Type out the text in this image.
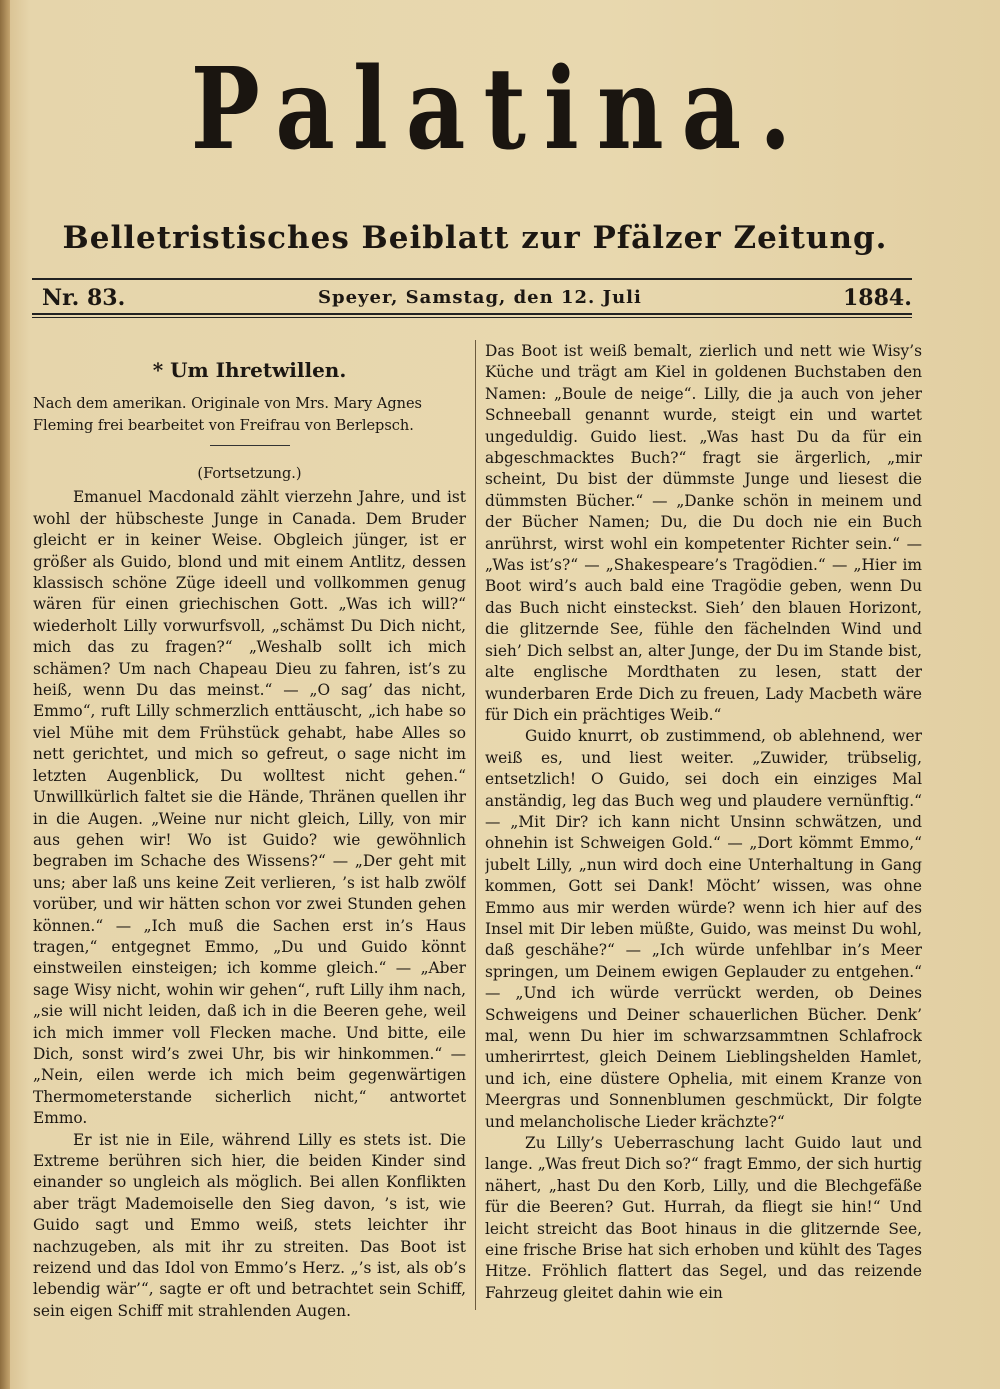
Palatina.
Belletristisches Beiblatt zur Pfälzer Zeitung.
Nr. 83.	Speyer, Samstag, den 12. Juli	1884.

* Um Ihretwillen.

Nach dem amerikan. Originale von Mrs. Mary Agnes Fleming frei bearbeitet von Freifrau von Berlepsch.

(Fortsetzung.)

Emanuel Macdonald zählt vierzehn Jahre, und ist wohl der hübscheste Junge in Canada. Dem Bruder gleicht er in keiner Weise. Obgleich jünger, ist er größer als Guido, blond und mit einem Antlitz, dessen klassisch schöne Züge ideell und vollkommen genug wären für einen griechischen Gott. „Was ich will?“ wiederholt Lilly vorwurfsvoll, „schämst Du Dich nicht, mich das zu fragen?“ „Weshalb sollt ich mich schämen? Um nach Chapeau Dieu zu fahren, ist’s zu heiß, wenn Du das meinst.“ — „O sag’ das nicht, Emmo“, ruft Lilly schmerzlich enttäuscht, „ich habe so viel Mühe mit dem Frühstück gehabt, habe Alles so nett gerichtet, und mich so gefreut, o sage nicht im letzten Augenblick, Du wolltest nicht gehen.“ Unwillkürlich faltet sie die Hände, Thränen quellen ihr in die Augen. „Weine nur nicht gleich, Lilly, von mir aus gehen wir! Wo ist Guido? wie gewöhnlich begraben im Schache des Wissens?“ — „Der geht mit uns; aber laß uns keine Zeit verlieren, ’s ist halb zwölf vorüber, und wir hätten schon vor zwei Stunden gehen können.“ — „Ich muß die Sachen erst in’s Haus tragen,“ entgegnet Emmo, „Du und Guido könnt einstweilen einsteigen; ich komme gleich.“ — „Aber sage Wisy nicht, wohin wir gehen“, ruft Lilly ihm nach, „sie will nicht leiden, daß ich in die Beeren gehe, weil ich mich immer voll Flecken mache. Und bitte, eile Dich, sonst wird’s zwei Uhr, bis wir hinkommen.“ — „Nein, eilen werde ich mich beim gegenwärtigen Thermometerstande sicherlich nicht,“ antwortet Emmo.

Er ist nie in Eile, während Lilly es stets ist. Die Extreme berühren sich hier, die beiden Kinder sind einander so ungleich als möglich. Bei allen Konflikten aber trägt Mademoiselle den Sieg davon, ’s ist, wie Guido sagt und Emmo weiß, stets leichter ihr nachzugeben, als mit ihr zu streiten. Das Boot ist reizend und das Idol von Emmo’s Herz. „’s ist, als ob’s lebendig wär’“, sagte er oft und betrachtet sein Schiff, sein eigen Schiff mit strahlenden Augen.

Das Boot ist weiß bemalt, zierlich und nett wie Wisy’s Küche und trägt am Kiel in goldenen Buchstaben den Namen: „Boule de neige“. Lilly, die ja auch von jeher Schneeball genannt wurde, steigt ein und wartet ungeduldig. Guido liest. „Was hast Du da für ein abgeschmacktes Buch?“ fragt sie ärgerlich, „mir scheint, Du bist der dümmste Junge und liesest die dümmsten Bücher.“ — „Danke schön in meinem und der Bücher Namen; Du, die Du doch nie ein Buch anrührst, wirst wohl ein kompetenter Richter sein.“ — „Was ist’s?“ — „Shakespeare’s Tragödien.“ — „Hier im Boot wird’s auch bald eine Tragödie geben, wenn Du das Buch nicht einsteckst. Sieh’ den blauen Horizont, die glitzernde See, fühle den fächelnden Wind und sieh’ Dich selbst an, alter Junge, der Du im Stande bist, alte englische Mordthaten zu lesen, statt der wunderbaren Erde Dich zu freuen, Lady Macbeth wäre für Dich ein prächtiges Weib.“

Guido knurrt, ob zustimmend, ob ablehnend, wer weiß es, und liest weiter. „Zuwider, trübselig, entsetzlich! O Guido, sei doch ein einziges Mal anständig, leg das Buch weg und plaudere vernünftig.“ — „Mit Dir? ich kann nicht Unsinn schwätzen, und ohnehin ist Schweigen Gold.“ — „Dort kömmt Emmo,“ jubelt Lilly, „nun wird doch eine Unterhaltung in Gang kommen, Gott sei Dank! Möcht’ wissen, was ohne Emmo aus mir werden würde? wenn ich hier auf des Insel mit Dir leben müßte, Guido, was meinst Du wohl, daß geschähe?“ — „Ich würde unfehlbar in’s Meer springen, um Deinem ewigen Geplauder zu entgehen.“ — „Und ich würde verrückt werden, ob Deines Schweigens und Deiner schauerlichen Bücher. Denk’ mal, wenn Du hier im schwarzsammtnen Schlafrock umherirrtest, gleich Deinem Lieblingshelden Hamlet, und ich, eine düstere Ophelia, mit einem Kranze von Meergras und Sonnenblumen geschmückt, Dir folgte und melancholische Lieder krächzte?“

Zu Lilly’s Ueberraschung lacht Guido laut und lange. „Was freut Dich so?“ fragt Emmo, der sich hurtig nähert, „hast Du den Korb, Lilly, und die Blechgefäße für die Beeren? Gut. Hurrah, da fliegt sie hin!“ Und leicht streicht das Boot hinaus in die glitzernde See, eine frische Brise hat sich erhoben und kühlt des Tages Hitze. Fröhlich flattert das Segel, und das reizende Fahrzeug gleitet dahin wie ein
